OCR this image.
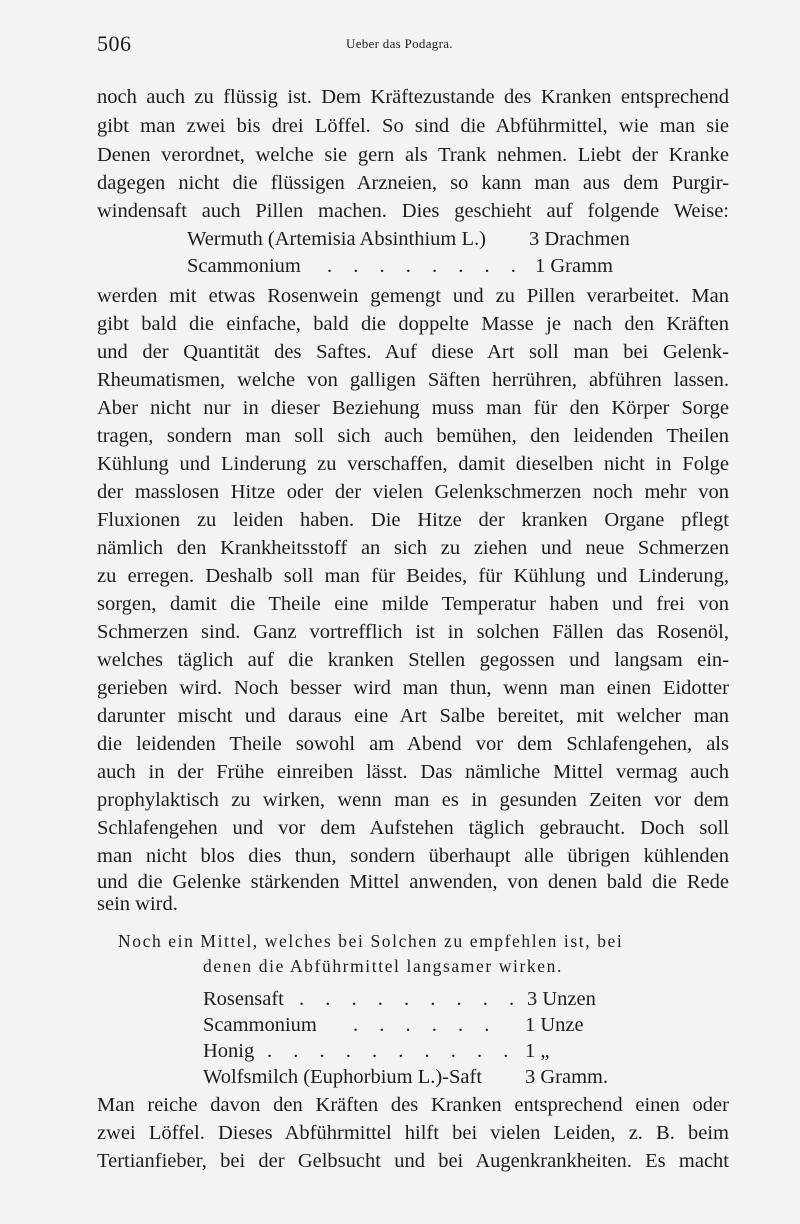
506	Ueber das Podagra.
noch auch zu flüssig ist. Dem Kräftezustande des Kranken entsprechend
gibt man zwei bis drei Löffel. So sind die Abführmittel, wie man sie
Denen verordnet, welche sie gern als Trank nehmen. Liebt der Kranke
dagegen nicht die flüssigen Arzneien, so kann man aus dem Purgir-
windensaft auch Pillen machen. Dies geschieht auf folgende Weise:
Wermuth (Artemisia Absinthium L.) 3 Drachmen
Scammonium . . . . . . . . 1 Gramm
werden mit etwas Rosenwein gemengt und zu Pillen verarbeitet. Man
gibt bald die einfache, bald die doppelte Masse je nach den Kräften
und der Quantität des Saftes. Auf diese Art soll man bei Gelenk-
Rheumatismen, welche von galligen Säften herrühren, abführen lassen.
Aber nicht nur in dieser Beziehung muss man für den Körper Sorge
tragen, sondern man soll sich auch bemühen, den leidenden Theilen
Kühlung und Linderung zu verschaffen, damit dieselben nicht in Folge
der masslosen Hitze oder der vielen Gelenkschmerzen noch mehr von
Fluxionen zu leiden haben. Die Hitze der kranken Organe pflegt
nämlich den Krankheitsstoff an sich zu ziehen und neue Schmerzen
zu erregen. Deshalb soll man für Beides, für Kühlung und Linderung,
sorgen, damit die Theile eine milde Temperatur haben und frei von
Schmerzen sind. Ganz vortrefflich ist in solchen Fällen das Rosenöl,
welches täglich auf die kranken Stellen gegossen und langsam ein-
gerieben wird. Noch besser wird man thun, wenn man einen Eidotter
darunter mischt und daraus eine Art Salbe bereitet, mit welcher man
die leidenden Theile sowohl am Abend vor dem Schlafengehen, als
auch in der Frühe einreiben lässt. Das nämliche Mittel vermag auch
prophylaktisch zu wirken, wenn man es in gesunden Zeiten vor dem
Schlafengehen und vor dem Aufstehen täglich gebraucht. Doch soll
man nicht blos dies thun, sondern überhaupt alle übrigen kühlenden
und die Gelenke stärkenden Mittel anwenden, von denen bald die Rede
sein wird.
Noch ein Mittel, welches bei Solchen zu empfehlen ist, bei
denen die Abführmittel langsamer wirken.
Rosensaft . . . . . . . . . 3 Unzen
Scammonium . . . . . . 1 Unze
Honig . . . . . . . . . . 1 „
Wolfsmilch (Euphorbium L.)-Saft 3 Gramm.
Man reiche davon den Kräften des Kranken entsprechend einen oder
zwei Löffel. Dieses Abführmittel hilft bei vielen Leiden, z. B. beim
Tertianfieber, bei der Gelbsucht und bei Augenkrankheiten. Es macht
